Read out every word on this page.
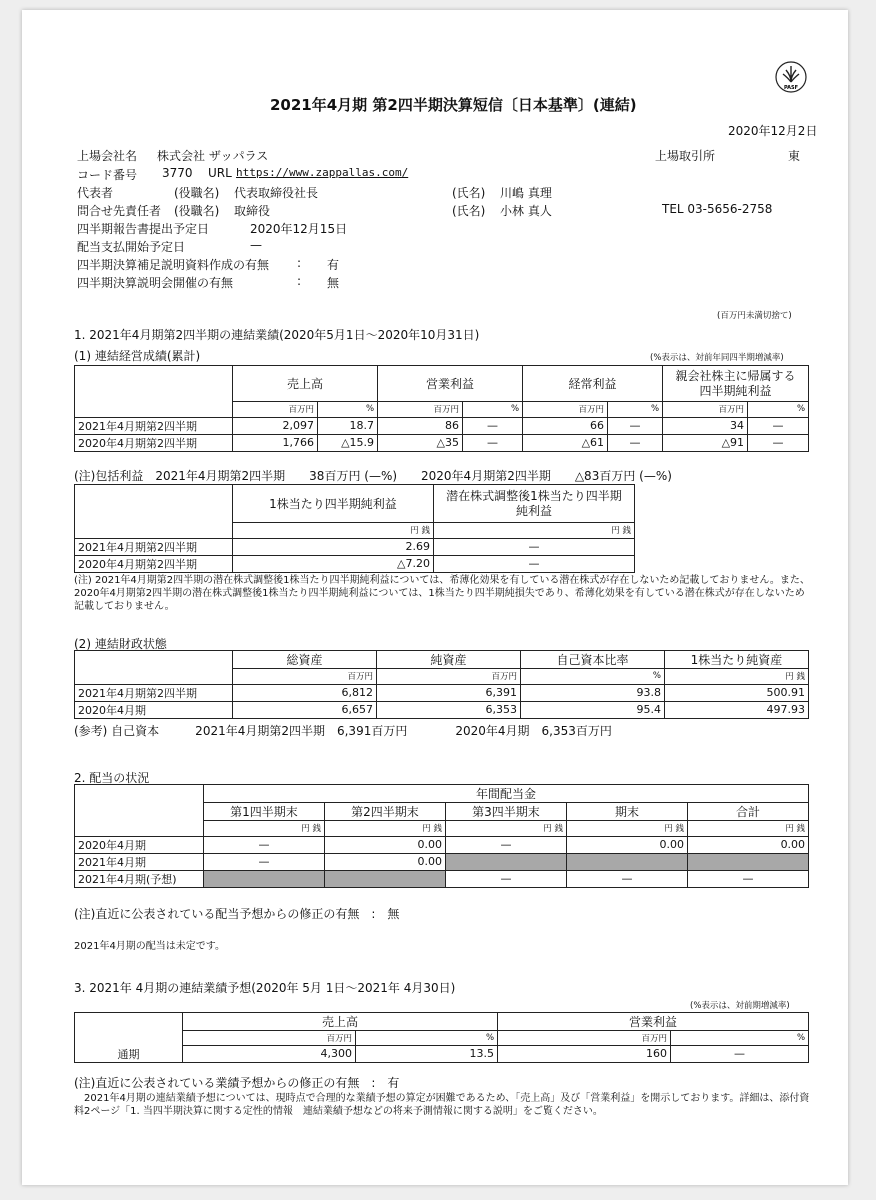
PASF
2021年4月期 第2四半期決算短信〔日本基準〕(連結)
2020年12月2日
上場会社名 株式会社 ザッパラス	上場取引所	東
コード番号 3770 URL https://www.zappallas.com/
代表者	(役職名) 代表取締役社長	(氏名) 川嶋 真理
問合せ先責任者 (役職名) 取締役	(氏名) 小林 真人	TEL 03-5656-2758
四半期報告書提出予定日	2020年12月15日
配当支払開始予定日	—
四半期決算補足説明資料作成の有無 : 有
四半期決算説明会開催の有無	: 無
(百万円未満切捨て)
1. 2021年4月期第2四半期の連結業績(2020年5月1日～2020年10月31日)
(1) 連結経営成績(累計)	(%表示は、対前年同四半期増減率)
	売上高		営業利益		経常利益		親会社株主に帰属する
四半期純利益	

	百万円	%	百万円	%	百万円	%	百万円	%
2021年4月期第2四半期	2,097	18.7	86	—	66	—	34	—
2020年4月期第2四半期	1,766	△15.9	△35	—	△61	—	△91	—
(注)包括利益　2021年4月期第2四半期　　38百万円 (—%)　　2020年4月期第2四半期　　△83百万円 (—%)
	1株当たり四半期純利益	潜在株式調整後1株当たり四半期
純利益

	円 銭	円 銭
2021年4月期第2四半期	2.69	—
2020年4月期第2四半期	△7.20	—
(注) 2021年4月期第2四半期の潜在株式調整後1株当たり四半期純利益については、希薄化効果を有している潜在株式が存在しないため記載しておりません。また、2020年4月期第2四半期の潜在株式調整後1株当たり四半期純利益については、1株当たり四半期純損失であり、希薄化効果を有している潜在株式が存在しないため記載しておりません。
(2) 連結財政状態
	総資産	純資産	自己資本比率	1株当たり純資産
	百万円	百万円	%	円 銭
2021年4月期第2四半期	6,812	6,391	93.8	500.91
2020年4月期	6,657	6,353	95.4	497.93
(参考) 自己資本　　　2021年4月期第2四半期　6,391百万円　　　　2020年4月期　6,353百万円
2. 配当の状況
	年間配当金				
	第1四半期末	第2四半期末	第3四半期末	期末	合計
	円 銭	円 銭	円 銭	円 銭	円 銭
2020年4月期	—	0.00	—	0.00	0.00
2021年4月期	—	0.00			
2021年4月期(予想)			—	—	—
(注)直近に公表されている配当予想からの修正の有無　:　無
2021年4月期の配当は未定です。
3. 2021年 4月期の連結業績予想(2020年 5月 1日～2021年 4月30日)
(%表示は、対前期増減率)
	売上高		営業利益	
	百万円	%	百万円	%
通期	4,300	13.5	160	—
(注)直近に公表されている業績予想からの修正の有無　:　有
　2021年4月期の連結業績予想については、現時点で合理的な業績予想の算定が困難であるため、「売上高」及び「営業利益」を開示しております。詳細は、添付資料2ページ「1. 当四半期決算に関する定性的情報　連結業績予想などの将来予測情報に関する説明」をご覧ください。
